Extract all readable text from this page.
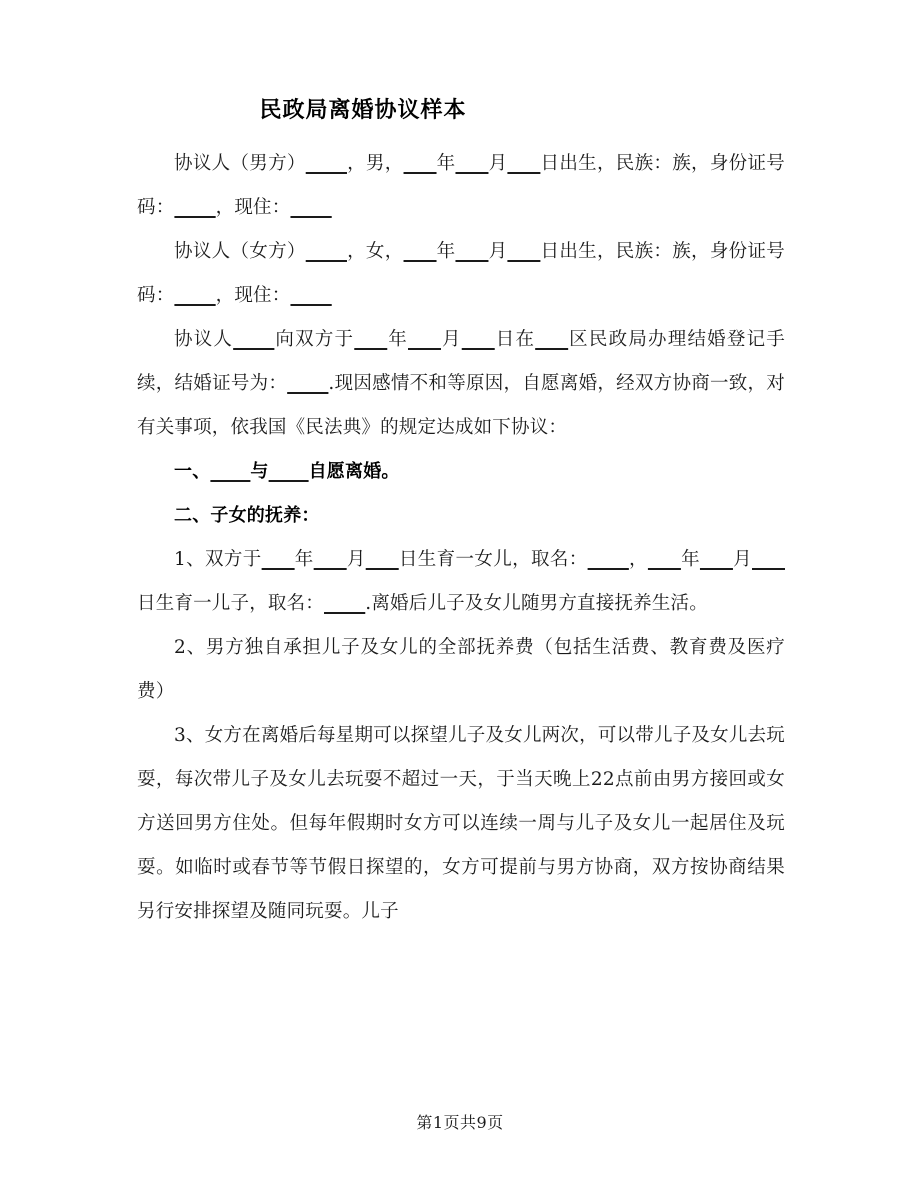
民政局离婚协议样本

协议人（男方） ，男， 年 月 日出生，民族：族，身份证号码： ，现住：

协议人（女方） ，女， 年 月 日出生，民族：族，身份证号码： ，现住：

协议人 向双方于 年 月 日在 区民政局办理结婚登记手续，结婚证号为： .现因感情不和等原因，自愿离婚，经双方协商一致，对有关事项，依我国《民法典》的规定达成如下协议：

一、 与 自愿离婚。

二、子女的抚养：

1、双方于 年 月 日生育一女儿，取名： ， 年 月日生育一儿子，取名： .离婚后儿子及女儿随男方直接抚养生活。

2、男方独自承担儿子及女儿的全部抚养费（包括生活费、教育费及医疗费）

3、女方在离婚后每星期可以探望儿子及女儿两次，可以带儿子及女儿去玩耍，每次带儿子及女儿去玩耍不超过一天，于当天晚上22点前由男方接回或女方送回男方住处。但每年假期时女方可以连续一周与儿子及女儿一起居住及玩耍。如临时或春节等节假日探望的，女方可提前与男方协商，双方按协商结果另行安排探望及随同玩耍。儿子

第1页共9页
